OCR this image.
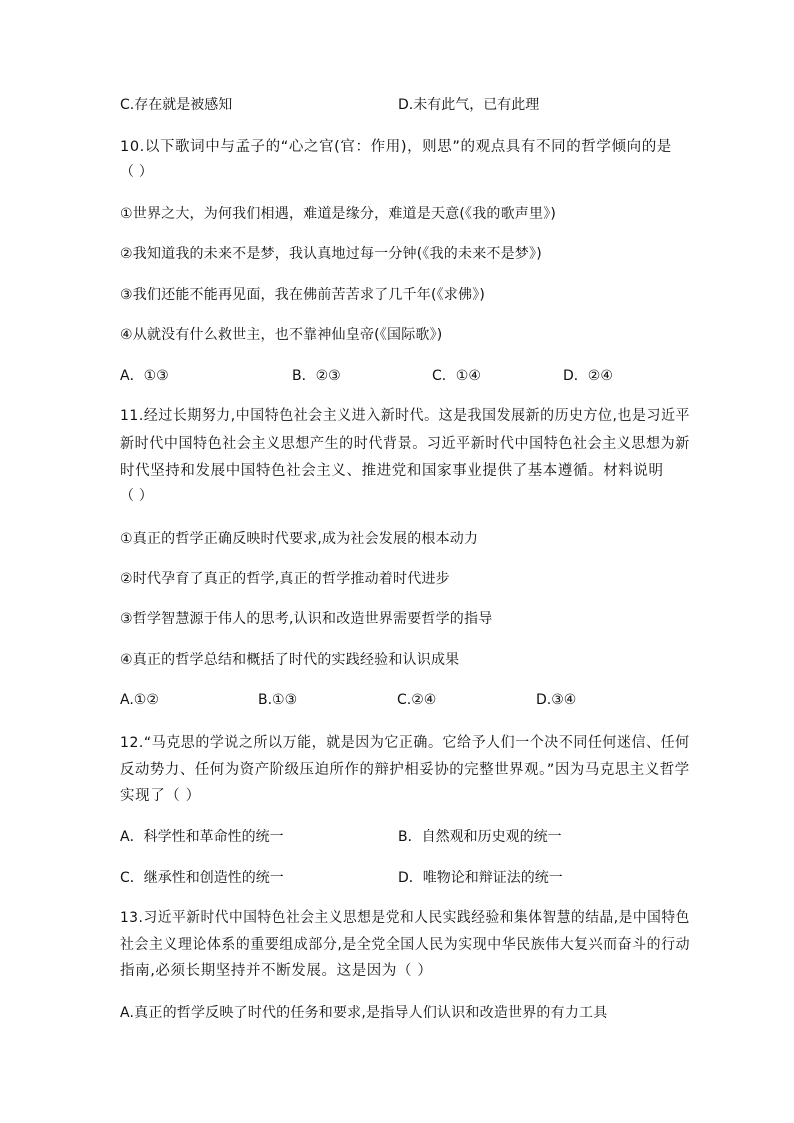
C.存在就是被感知	D.未有此气，已有此理
10.以下歌词中与孟子的“心之官(官：作用)，则思”的观点具有不同的哲学倾向的是
（ ）
①世界之大，为何我们相遇，难道是缘分，难道是天意(《我的歌声里》)
②我知道我的未来不是梦，我认真地过每一分钟(《我的未来不是梦》)
③我们还能不能再见面，我在佛前苦苦求了几千年(《求佛》)
④从就没有什么救世主，也不靠神仙皇帝(《国际歌》)
A．①③	B．②③	C．①④	D．②④
11.经过长期努力,中国特色社会主义进入新时代。这是我国发展新的历史方位,也是习近平
新时代中国特色社会主义思想产生的时代背景。习近平新时代中国特色社会主义思想为新
时代坚持和发展中国特色社会主义、推进党和国家事业提供了基本遵循。材料说明
（ ）
①真正的哲学正确反映时代要求,成为社会发展的根本动力
②时代孕育了真正的哲学,真正的哲学推动着时代进步
③哲学智慧源于伟人的思考,认识和改造世界需要哲学的指导
④真正的哲学总结和概括了时代的实践经验和认识成果
A.①②	B.①③	C.②④	D.③④
12.“马克思的学说之所以万能，就是因为它正确。它给予人们一个决不同任何迷信、任何
反动势力、任何为资产阶级压迫所作的辩护相妥协的完整世界观。”因为马克思主义哲学
实现了（ ）
A．科学性和革命性的统一	B．自然观和历史观的统一
C．继承性和创造性的统一	D．唯物论和辩证法的统一
13.习近平新时代中国特色社会主义思想是党和人民实践经验和集体智慧的结晶,是中国特色
社会主义理论体系的重要组成部分,是全党全国人民为实现中华民族伟大复兴而奋斗的行动
指南,必须长期坚持并不断发展。这是因为（ ）
A.真正的哲学反映了时代的任务和要求,是指导人们认识和改造世界的有力工具
